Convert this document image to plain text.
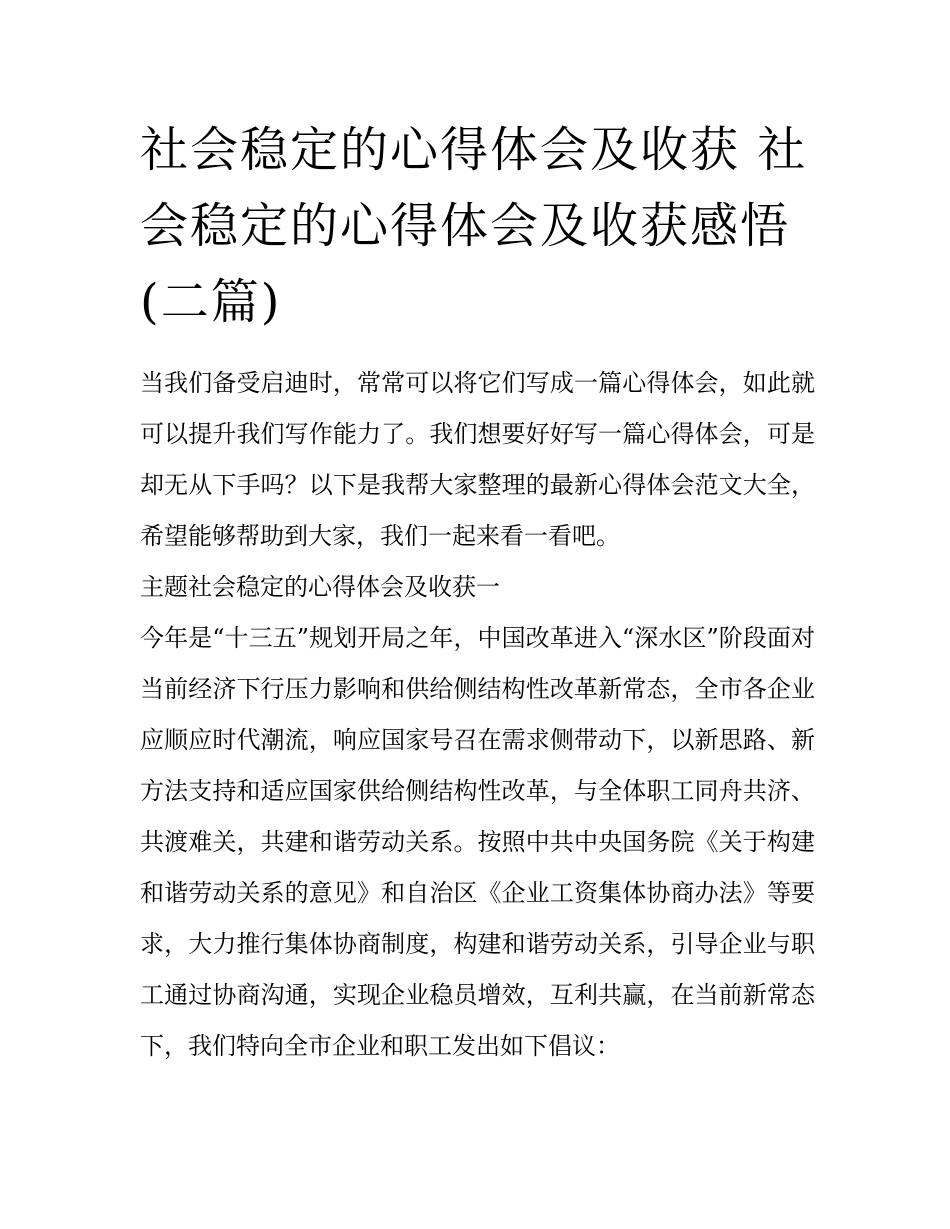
社会稳定的心得体会及收获 社会稳定的心得体会及收获感悟(二篇)

当我们备受启迪时，常常可以将它们写成一篇心得体会，如此就可以提升我们写作能力了。我们想要好好写一篇心得体会，可是却无从下手吗？以下是我帮大家整理的最新心得体会范文大全，希望能够帮助到大家，我们一起来看一看吧。

主题社会稳定的心得体会及收获一

今年是“十三五”规划开局之年，中国改革进入“深水区”阶段面对当前经济下行压力影响和供给侧结构性改革新常态，全市各企业应顺应时代潮流，响应国家号召在需求侧带动下，以新思路、新方法支持和适应国家供给侧结构性改革，与全体职工同舟共济、共渡难关，共建和谐劳动关系。按照中共中央国务院《关于构建和谐劳动关系的意见》和自治区《企业工资集体协商办法》等要求，大力推行集体协商制度，构建和谐劳动关系，引导企业与职工通过协商沟通，实现企业稳员增效，互利共赢，在当前新常态下，我们特向全市企业和职工发出如下倡议：
